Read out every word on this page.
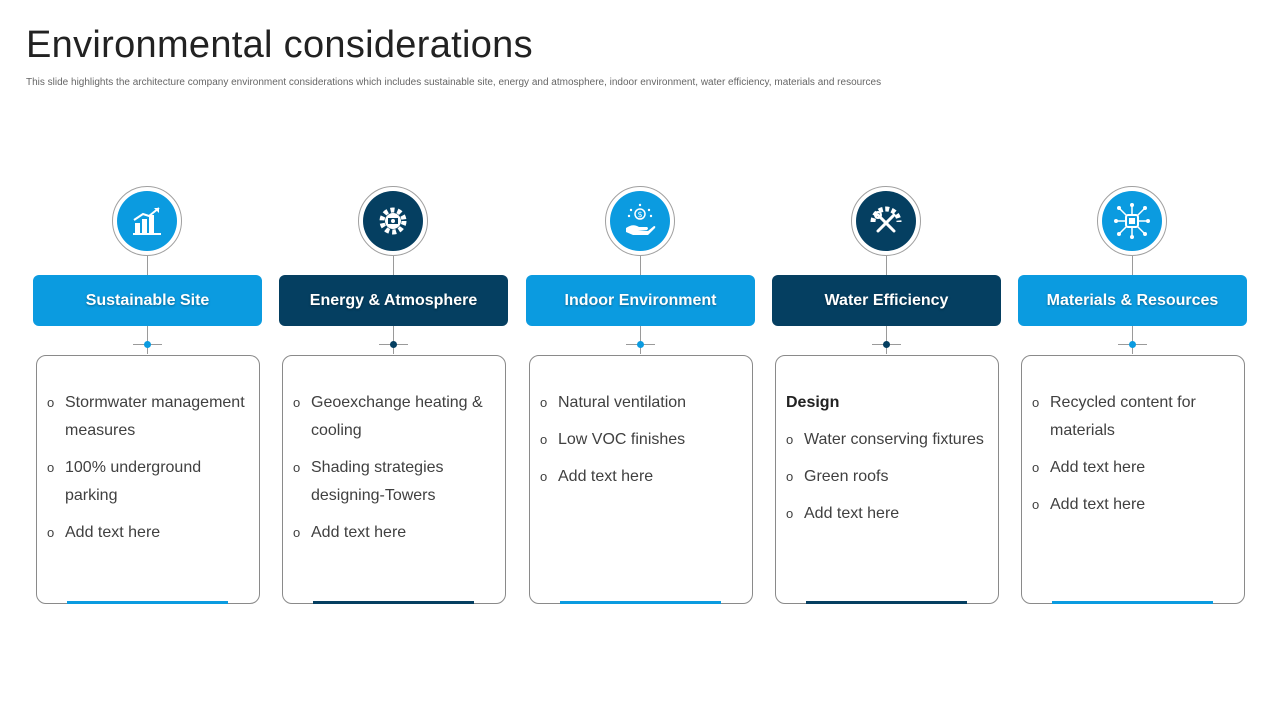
Environmental considerations
This slide highlights the architecture company environment considerations which includes sustainable site, energy and atmosphere, indoor environment, water efficiency, materials and resources
Sustainable Site
o Stormwater management measures
o 100% underground parking
o Add text here
Energy & Atmosphere
o Geoexchange heating & cooling
o Shading strategies designing-Towers
o Add text here
$
Indoor Environment
o Natural ventilation
o Low VOC finishes
o Add text here
Water Efficiency
Design
o Water conserving fixtures
o Green roofs
o Add text here
Materials & Resources
o Recycled content for materials
o Add text here
o Add text here
